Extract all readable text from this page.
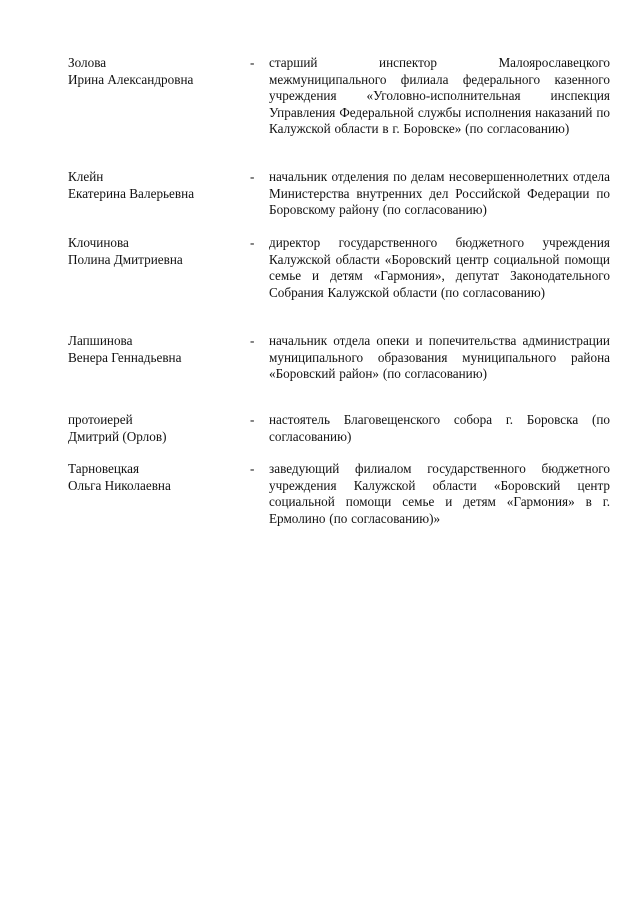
Золова
Ирина Александровна
-	старший инспектор Малоярославецкого межмуниципального филиала федерального казенного учреждения «Уголовно-исполнительная инспекция Управления Федеральной службы исполнения наказаний по Калужской области в г. Боровске» (по согласованию)
Клейн
Екатерина Валерьевна
-	начальник отделения по делам несовершеннолетних отдела Министерства внутренних дел Российской Федерации по Боровскому району (по согласованию)
Клочинова
Полина Дмитриевна
-	директор государственного бюджетного учреждения Калужской области «Боровский центр социальной помощи семье и детям «Гармония», депутат Законодательного Собрания Калужской области (по согласованию)
Лапшинова
Венера Геннадьевна
-	начальник отдела опеки и попечительства администрации муниципального образования муниципального района «Боровский район» (по согласованию)
протоиерей
Дмитрий (Орлов)
-	настоятель Благовещенского собора г. Боровска (по согласованию)
Тарновецкая
Ольга Николаевна
-	заведующий филиалом государственного бюджетного учреждения Калужской области «Боровский центр социальной помощи семье и детям «Гармония» в г. Ермолино (по согласованию)»
